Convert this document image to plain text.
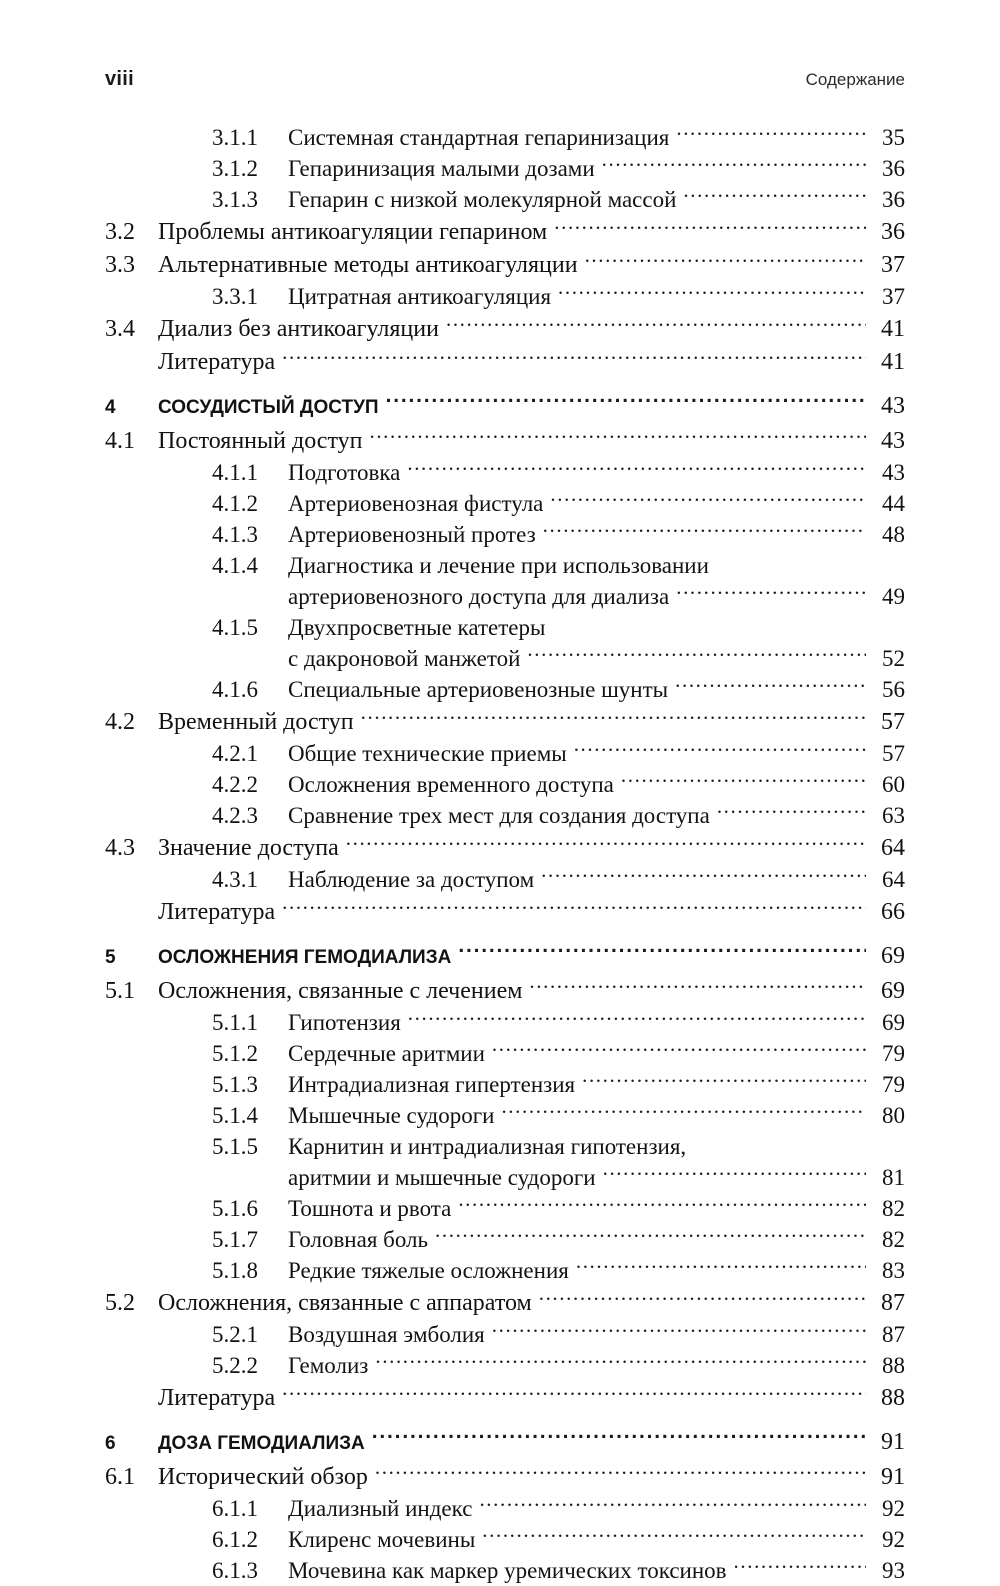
viii	Содержание
3.1.1	Системная стандартная гепаринизация .....	35
3.1.2	Гепаринизация малыми дозами .....	36
3.1.3	Гепарин с низкой молекулярной массой .....	36
3.2 Проблемы антикоагуляции гепарином .....	36
3.3 Альтернативные методы антикоагуляции .....	37
3.3.1	Цитратная антикоагуляция .....	37
3.4 Диализ без антикоагуляции .....	41
Литература .....	41
4	СОСУДИСТЫЙ ДОСТУП .....	43
4.1 Постоянный доступ .....	43
4.1.1	Подготовка .....	43
4.1.2	Артериовенозная фистула .....	44
4.1.3	Артериовенозный протез .....	48
4.1.4	Диагностика и лечение при использовании
артериовенозного доступа для диализа .....	49
4.1.5	Двухпросветные катетеры
с дакроновой манжетой .....	52
4.1.6	Специальные артериовенозные шунты .....	56
4.2 Временный доступ .....	57
4.2.1	Общие технические приемы .....	57
4.2.2	Осложнения временного доступа .....	60
4.2.3	Сравнение трех мест для создания доступа .....	63
4.3 Значение доступа .....	64
4.3.1	Наблюдение за доступом .....	64
Литература .....	66
5	ОСЛОЖНЕНИЯ ГЕМОДИАЛИЗА .....	69
5.1 Осложнения, связанные с лечением .....	69
5.1.1	Гипотензия .....	69
5.1.2	Сердечные аритмии .....	79
5.1.3	Интрадиализная гипертензия .....	79
5.1.4	Мышечные судороги .....	80
5.1.5	Карнитин и интрадиализная гипотензия,
аритмии и мышечные судороги .....	81
5.1.6	Тошнота и рвота .....	82
5.1.7	Головная боль .....	82
5.1.8	Редкие тяжелые осложнения .....	83
5.2 Осложнения, связанные с аппаратом .....	87
5.2.1	Воздушная эмболия .....	87
5.2.2	Гемолиз .....	88
Литература .....	88
6	ДОЗА ГЕМОДИАЛИЗА .....	91
6.1 Исторический обзор .....	91
6.1.1	Диализный индекс .....	92
6.1.2	Клиренс мочевины .....	92
6.1.3	Мочевина как маркер уремических токсинов .....	93
